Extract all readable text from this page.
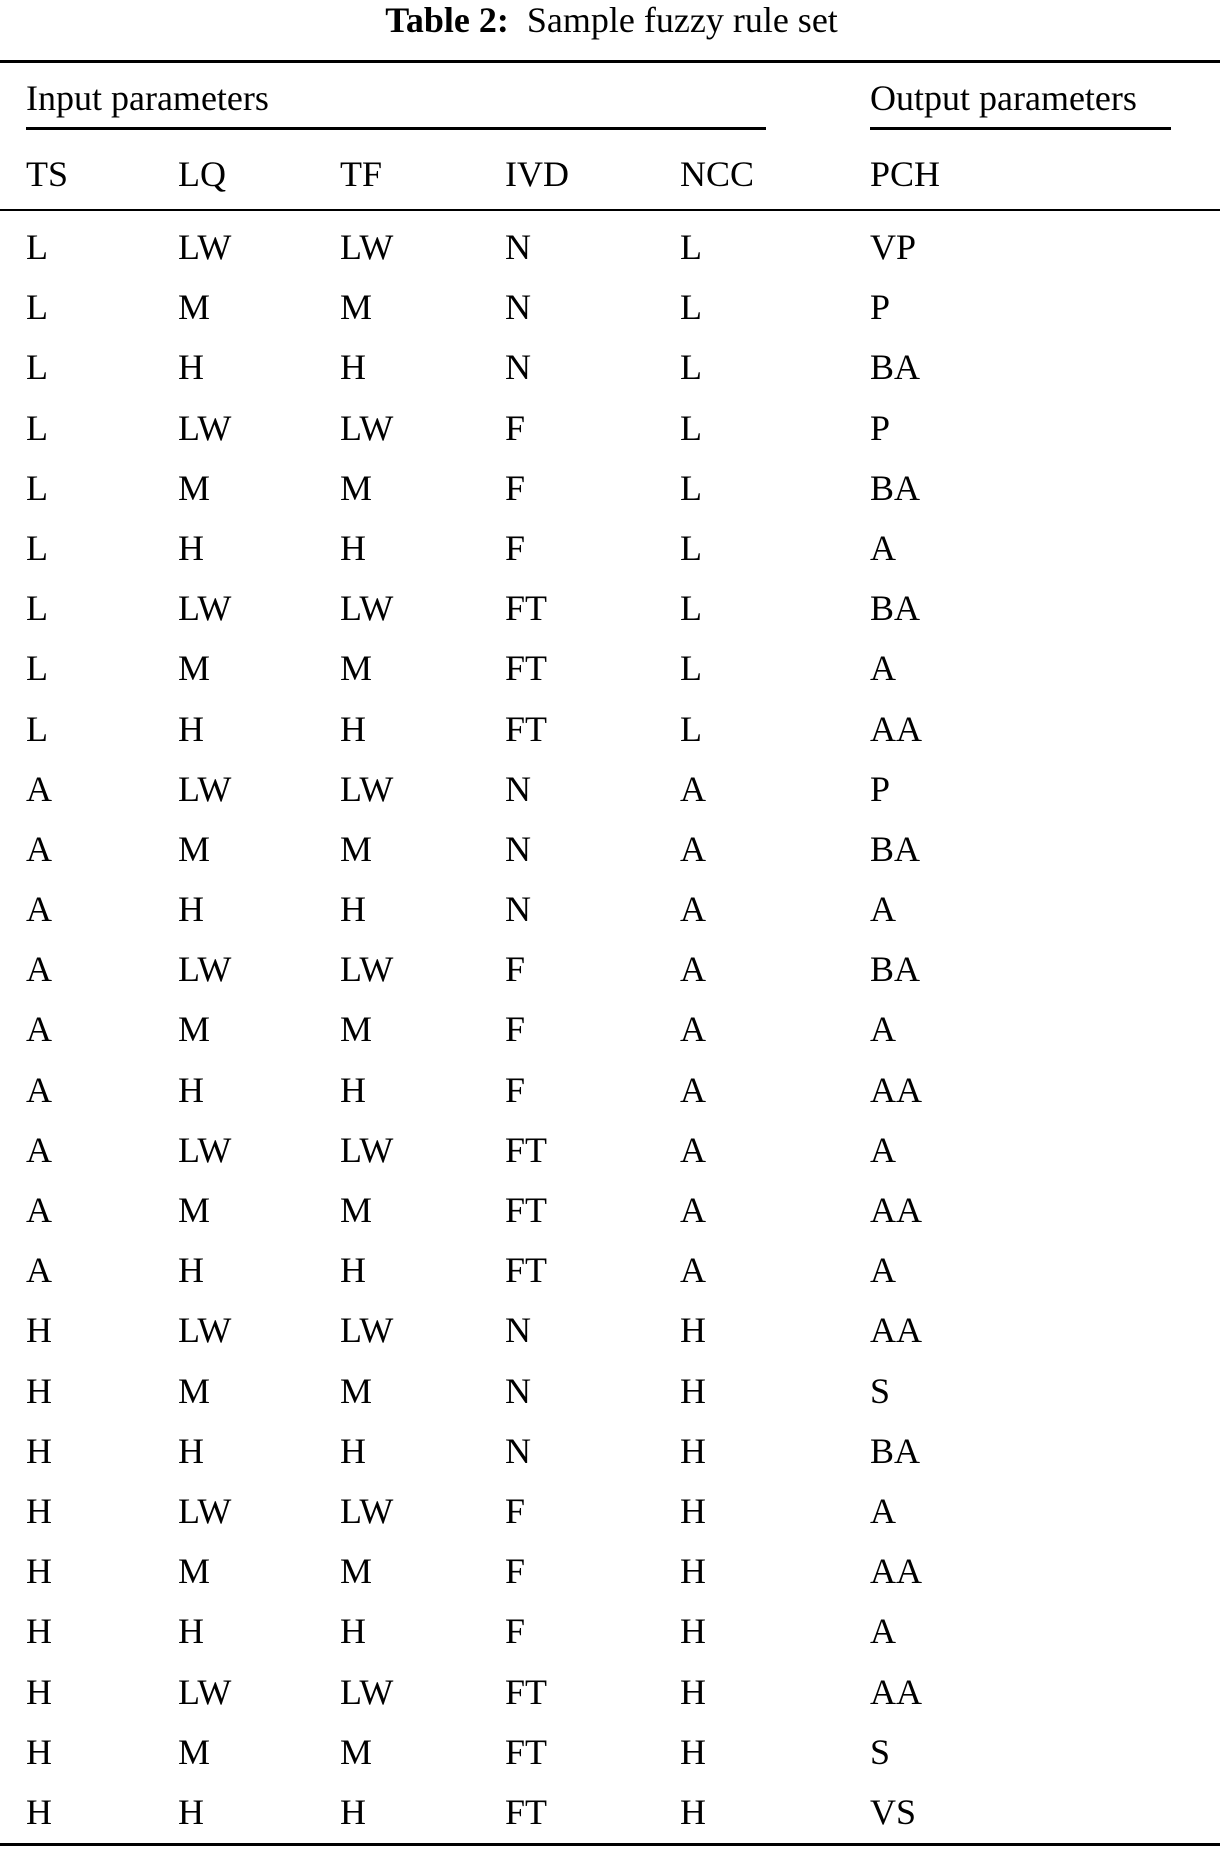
Table 2: Sample fuzzy rule set
Input parameters	Output parameters
TS	LQ	TF	IVD	NCC	PCH
L	LW	LW	N	L	VP
L	M	M	N	L	P
L	H	H	N	L	BA
L	LW	LW	F	L	P
L	M	M	F	L	BA
L	H	H	F	L	A
L	LW	LW	FT	L	BA
L	M	M	FT	L	A
L	H	H	FT	L	AA
A	LW	LW	N	A	P
A	M	M	N	A	BA
A	H	H	N	A	A
A	LW	LW	F	A	BA
A	M	M	F	A	A
A	H	H	F	A	AA
A	LW	LW	FT	A	A
A	M	M	FT	A	AA
A	H	H	FT	A	A
H	LW	LW	N	H	AA
H	M	M	N	H	S
H	H	H	N	H	BA
H	LW	LW	F	H	A
H	M	M	F	H	AA
H	H	H	F	H	A
H	LW	LW	FT	H	AA
H	M	M	FT	H	S
H	H	H	FT	H	VS
